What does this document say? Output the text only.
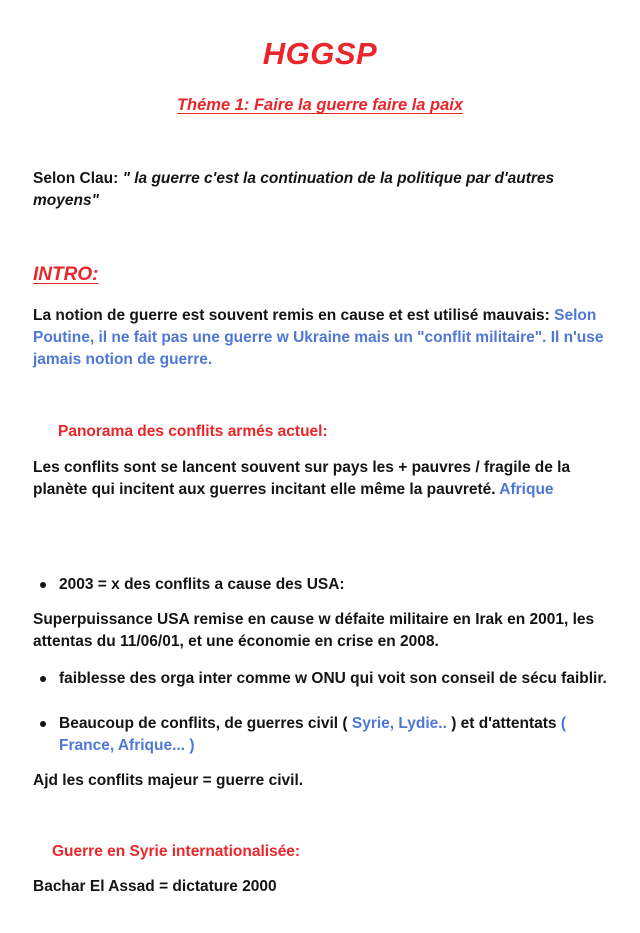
HGGSP
Théme 1: Faire la guerre faire la paix
Selon Clau: " la guerre c'est la continuation de la politique par d'autres moyens"
INTRO:
La notion de guerre est souvent remis en cause et est utilisé mauvais: Selon Poutine, il ne fait pas une guerre w Ukraine mais un "conflit militaire". Il n'use jamais notion de guerre.
Panorama des conflits armés actuel:
Les conflits sont se lancent souvent sur pays les + pauvres / fragile de la planète qui incitent aux guerres incitant elle même la pauvreté. Afrique
2003 = x des conflits a cause des USA:
Superpuissance USA remise en cause w défaite militaire en Irak en 2001, les attentas du 11/06/01, et une économie en crise en 2008.
faiblesse des orga inter comme w ONU qui voit son conseil de sécu faiblir.
Beaucoup de conflits, de guerres civil ( Syrie, Lydie.. ) et d'attentats ( France, Afrique... )
Ajd les conflits majeur = guerre civil.
Guerre en Syrie internationalisée:
Bachar El Assad = dictature 2000
